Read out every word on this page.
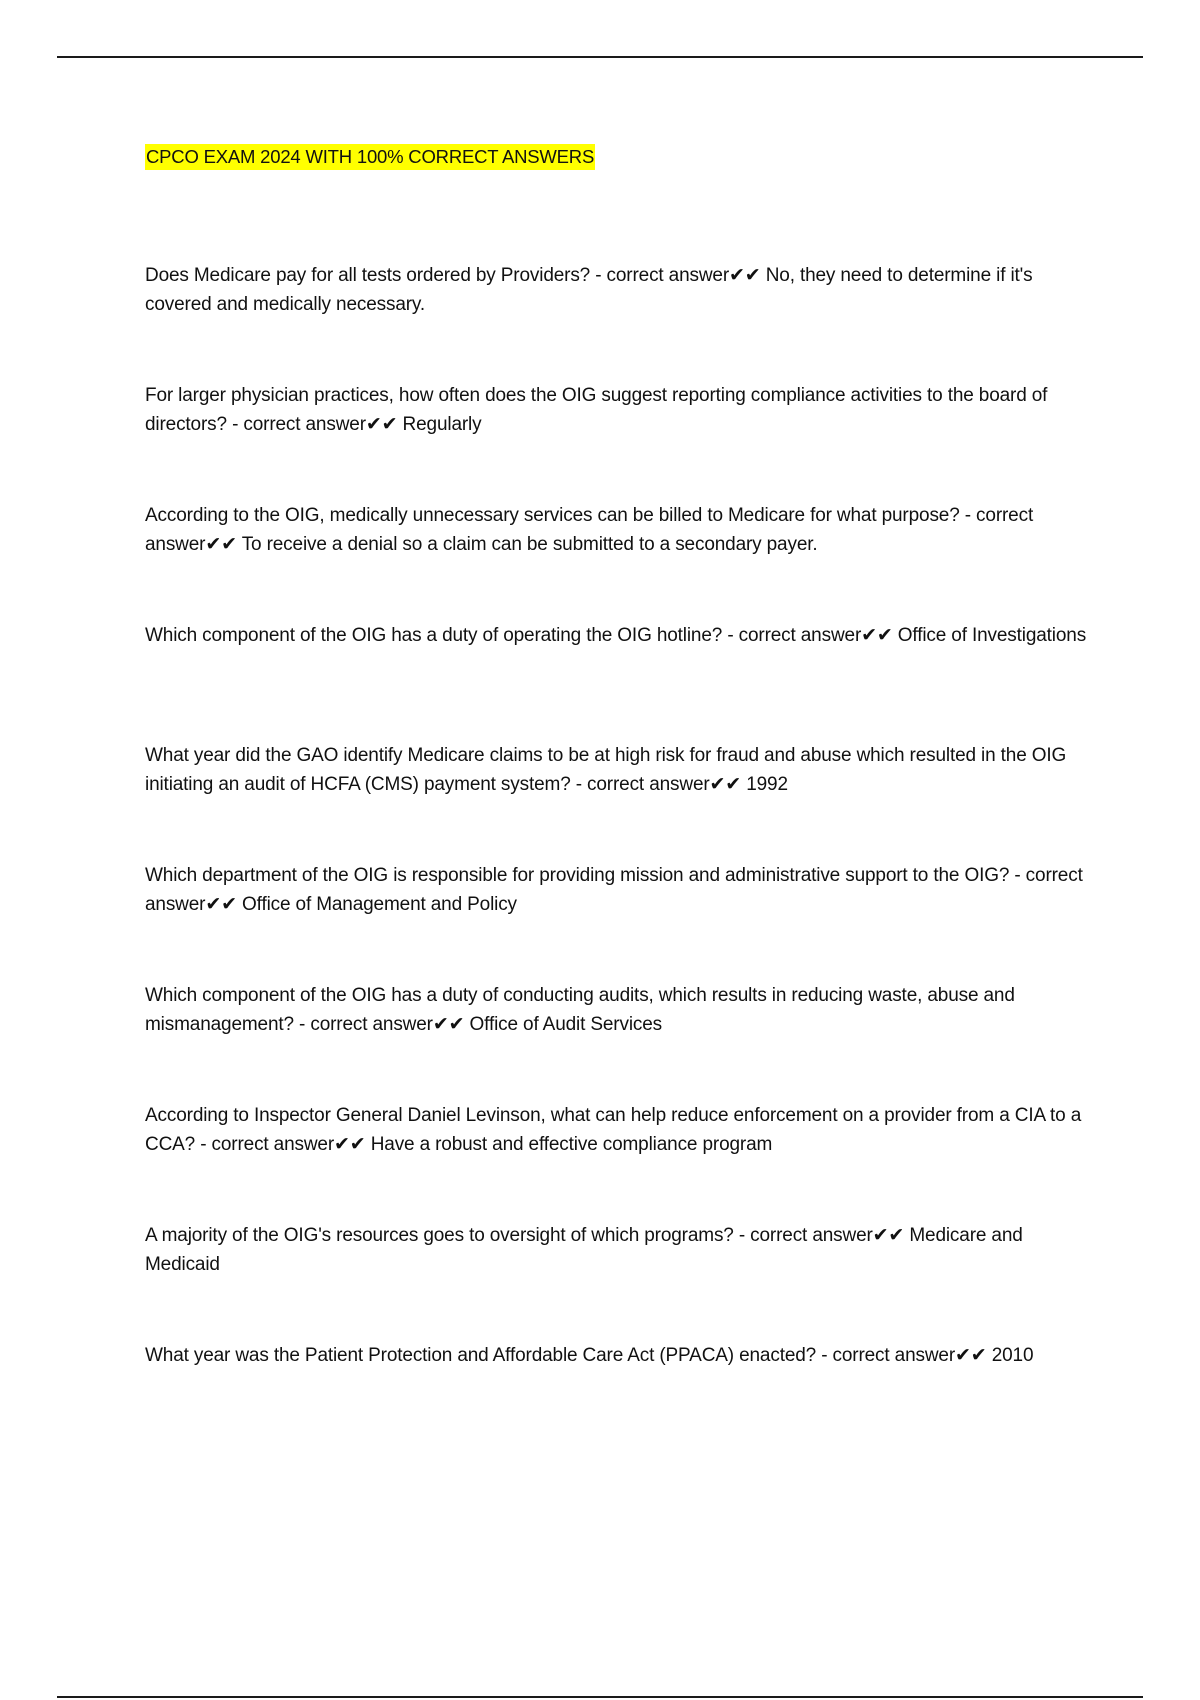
CPCO EXAM 2024 WITH 100% CORRECT ANSWERS
Does Medicare pay for all tests ordered by Providers? - correct answer✔✔ No, they need to determine if it's covered and medically necessary.
For larger physician practices, how often does the OIG suggest reporting compliance activities to the board of directors? - correct answer✔✔ Regularly
According to the OIG, medically unnecessary services can be billed to Medicare for what purpose? - correct answer✔✔ To receive a denial so a claim can be submitted to a secondary payer.
Which component of the OIG has a duty of operating the OIG hotline? - correct answer✔✔ Office of Investigations
What year did the GAO identify Medicare claims to be at high risk for fraud and abuse which resulted in the OIG initiating an audit of HCFA (CMS) payment system? - correct answer✔✔ 1992
Which department of the OIG is responsible for providing mission and administrative support to the OIG? - correct answer✔✔ Office of Management and Policy
Which component of the OIG has a duty of conducting audits, which results in reducing waste, abuse and mismanagement? - correct answer✔✔ Office of Audit Services
According to Inspector General Daniel Levinson, what can help reduce enforcement on a provider from a CIA to a CCA? - correct answer✔✔ Have a robust and effective compliance program
A majority of the OIG's resources goes to oversight of which programs? - correct answer✔✔ Medicare and Medicaid
What year was the Patient Protection and Affordable Care Act (PPACA) enacted? - correct answer✔✔ 2010
